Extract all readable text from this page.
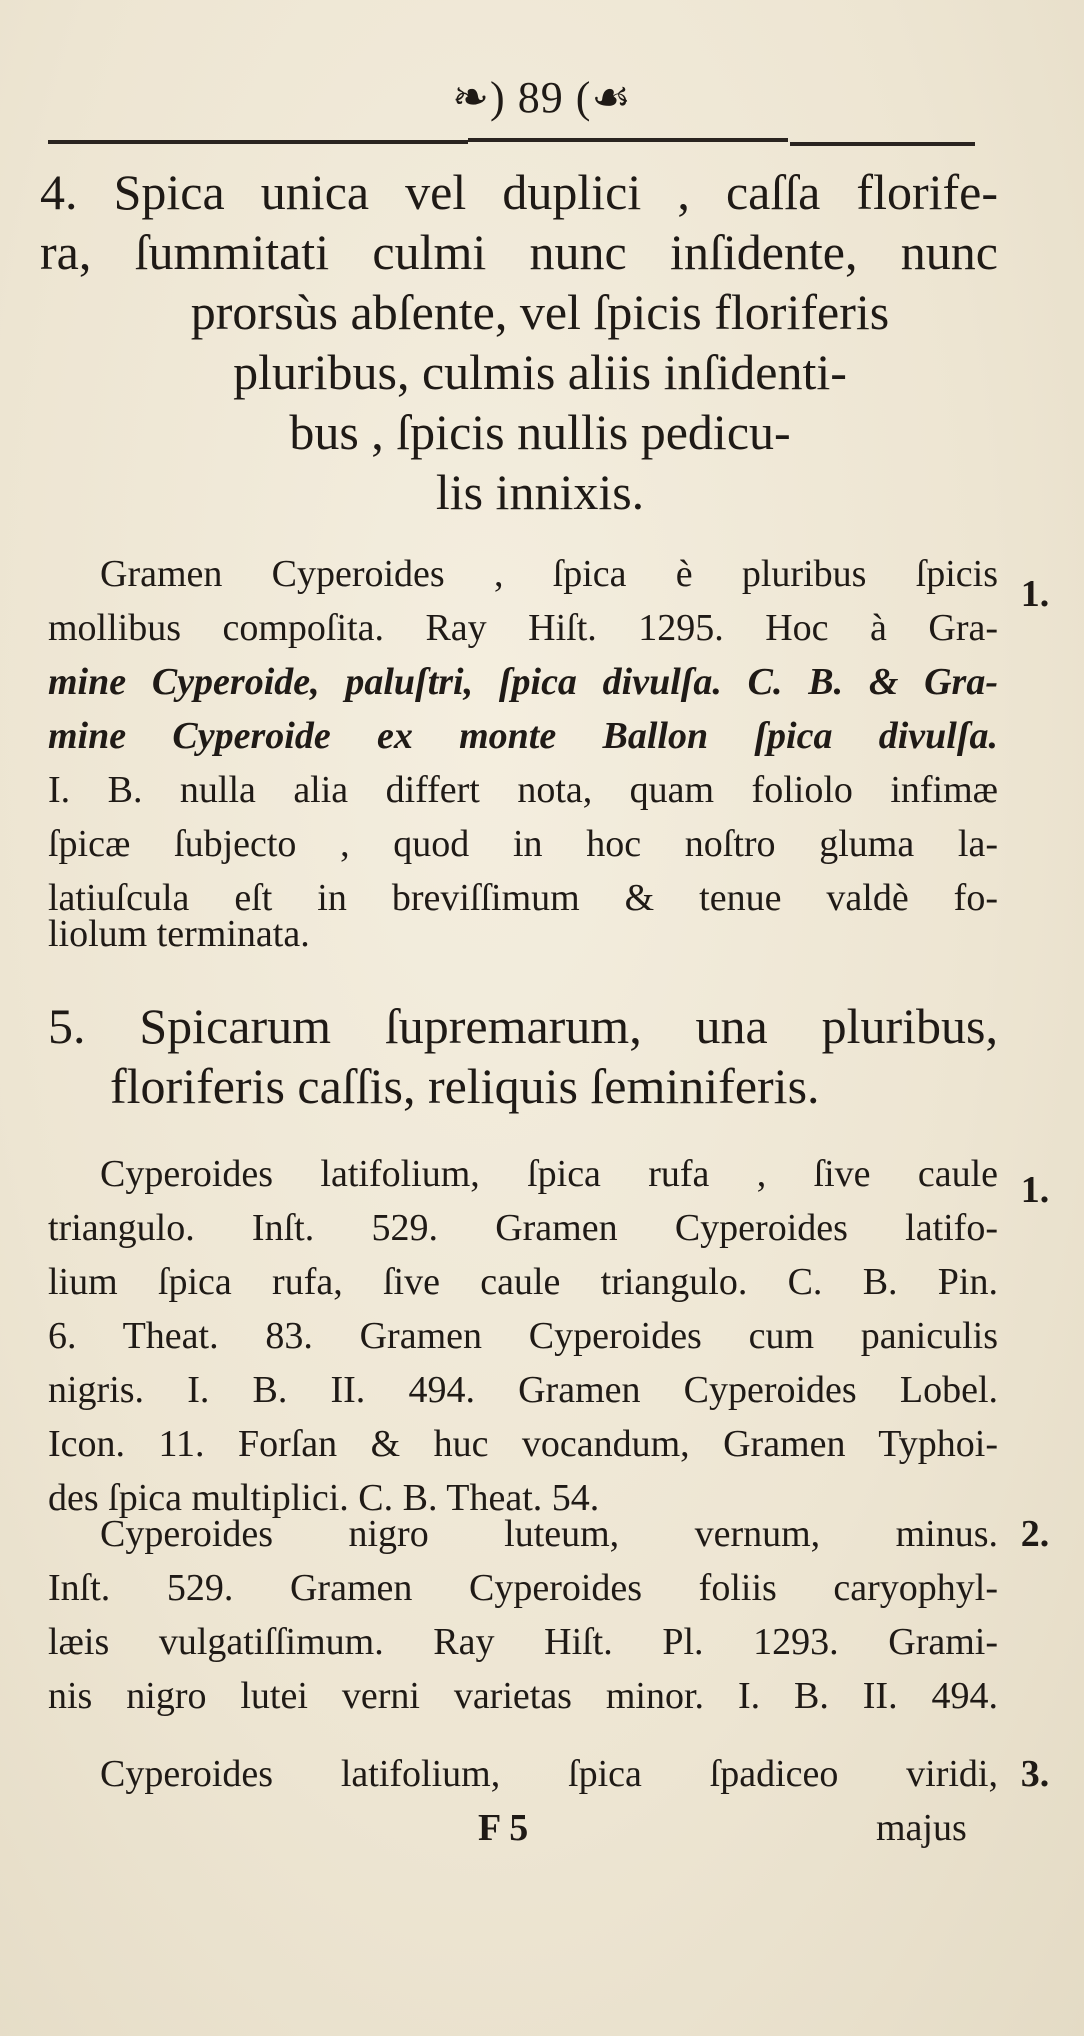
❧) 89 (☙
4. Spica unica vel duplici , caſſa florife-
ra, ſummitati culmi nunc inſidente, nunc
prorsùs abſente, vel ſpicis floriferis
pluribus, culmis aliis inſidenti-
bus , ſpicis nullis pedicu-
lis innixis.
1.
Gramen Cyperoides , ſpica è pluribus ſpicis
mollibus compoſita. Ray Hiſt. 1295. Hoc à Gra-
mine Cyperoide, paluſtri, ſpica divulſa. C. B. & Gra-
mine Cyperoide ex monte Ballon ſpica divulſa.
I. B. nulla alia differt nota, quam foliolo infimæ
ſpicæ ſubjecto , quod in hoc noſtro gluma la-
latiuſcula eſt in breviſſimum & tenue valdè fo-
liolum terminata.
5. Spicarum ſupremarum, una pluribus,
floriferis caſſis, reliquis ſeminiferis.
1.
Cyperoides latifolium, ſpica rufa , ſive caule
triangulo. Inſt. 529. Gramen Cyperoides latifo-
lium ſpica rufa, ſive caule triangulo. C. B. Pin.
6. Theat. 83. Gramen Cyperoides cum paniculis
nigris. I. B. II. 494. Gramen Cyperoides Lobel.
Icon. 11. Forſan & huc vocandum, Gramen Typhoi-
des ſpica multiplici. C. B. Theat. 54.
2.
Cyperoides nigro luteum, vernum, minus.
Inſt. 529. Gramen Cyperoides foliis caryophyl-
læis vulgatiſſimum. Ray Hiſt. Pl. 1293. Grami-
nis nigro lutei verni varietas minor. I. B. II. 494.
3.
Cyperoides latifolium, ſpica ſpadiceo viridi,
F 5	majus
